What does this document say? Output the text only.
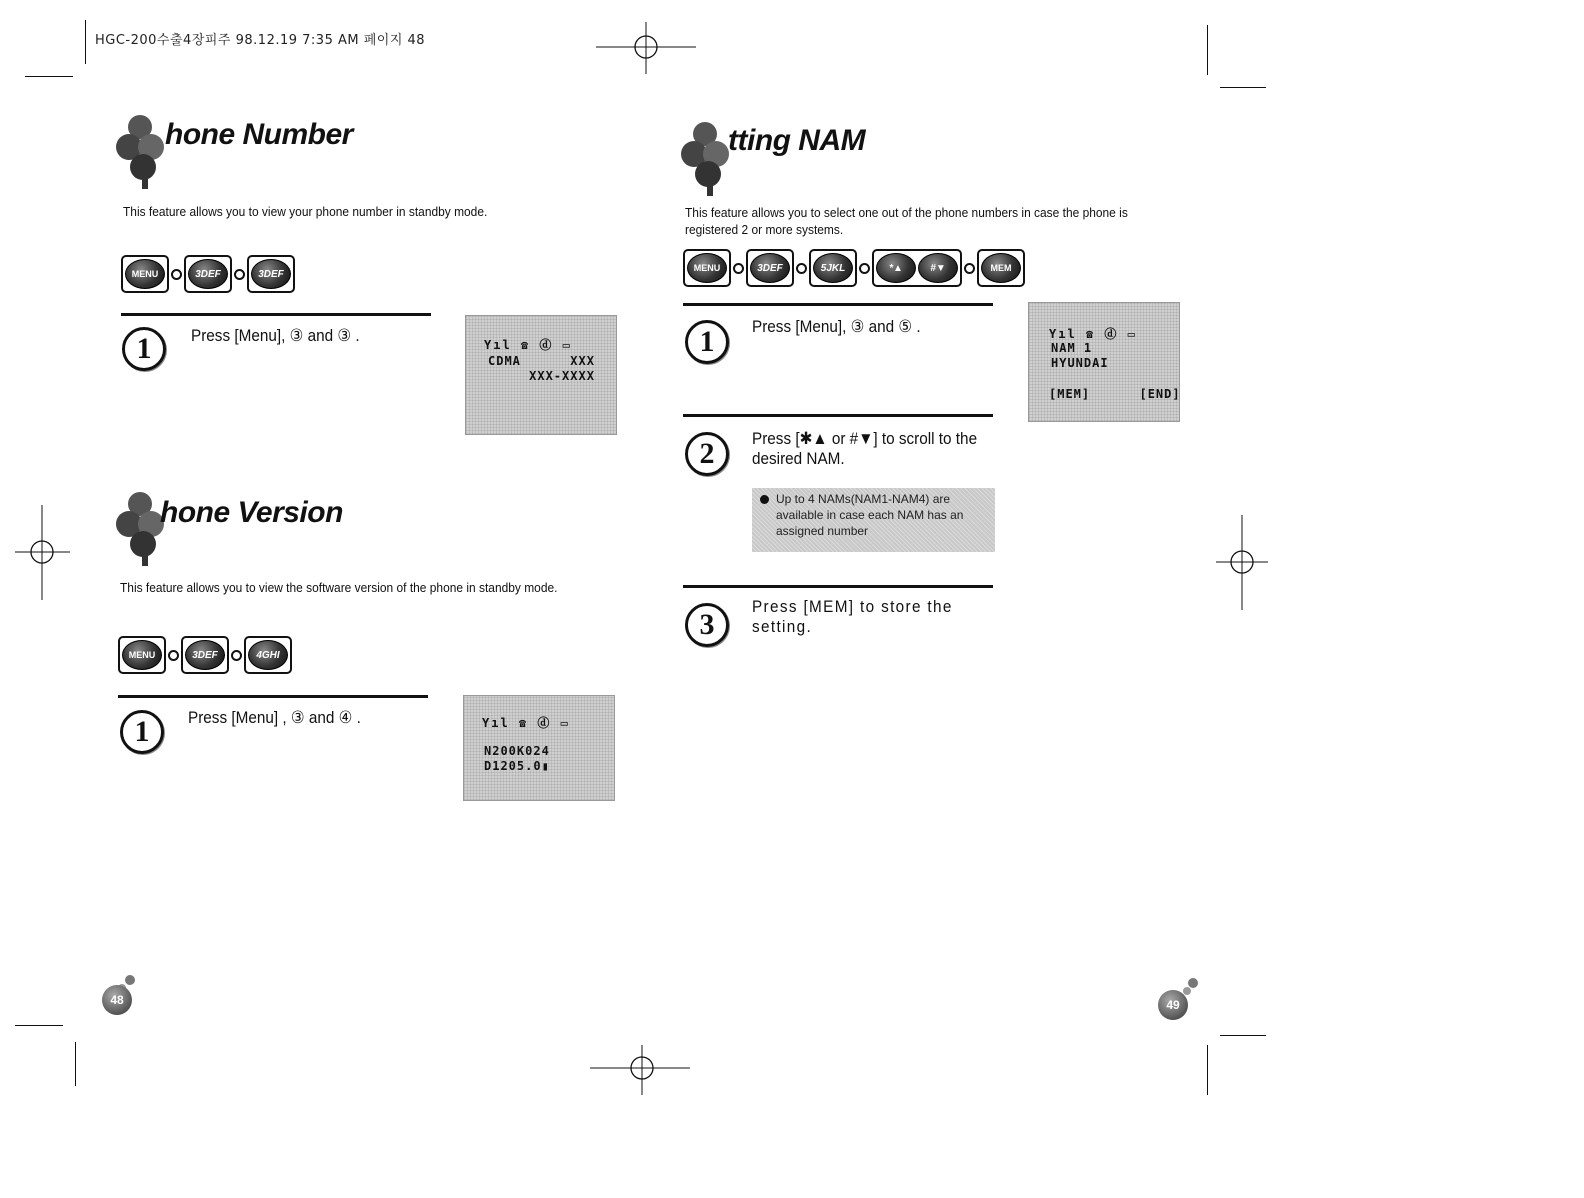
HGC-200수출4장피주 98.12.19 7:35 AM 페이지 48
hone Number
This feature allows you to view your phone number in standby mode.
MENU	3DEF	3DEF
1	Press [Menu], ③ and ③ .	Yıl ☎ ⓓ ▭
CDMA      XXX
XXX-XXXX
hone Version
This feature allows you to view the software version of the phone in standby mode.
MENU	3DEF	4GHI
1	Press [Menu] , ③ and ④ .	Yıl ☎ ⓓ ▭
N200K024
D1205.0▮
48
tting NAM
This feature allows you to select one out of the phone numbers in case the phone is registered 2 or more systems.
MENU	3DEF	5JKL	*▲	#▼	MEM
1	Press [Menu], ③ and ⑤ .	Yıl ☎ ⓓ ▭
NAM 1
HYUNDAI
[MEM]      [END]
2	Press [✱▲ or #▼] to scroll to the desired NAM.
Up to 4 NAMs(NAM1-NAM4) are available in case each NAM has an assigned number
3
Press [MEM] to store the setting.
49
